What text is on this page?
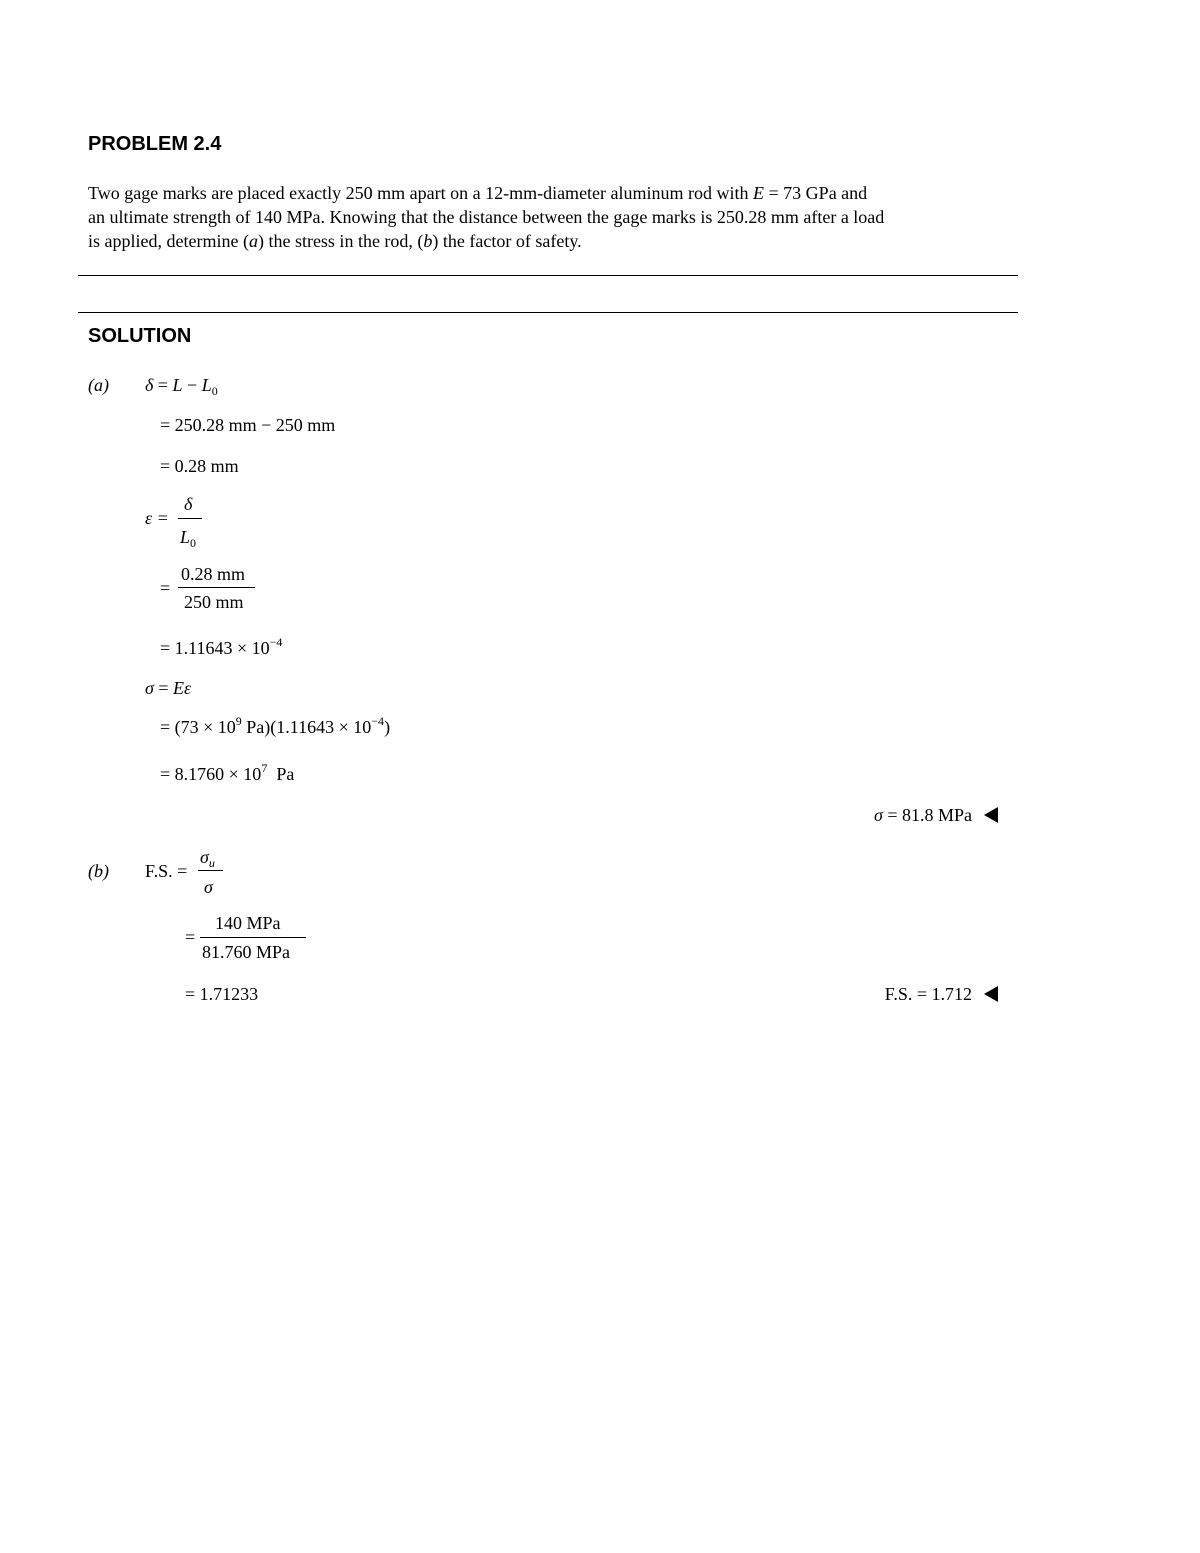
PROBLEM 2.4
Two gage marks are placed exactly 250 mm apart on a 12-mm-diameter aluminum rod with E = 73 GPa and
an ultimate strength of 140 MPa. Knowing that the distance between the gage marks is 250.28 mm after a load
is applied, determine (a) the stress in the rod, (b) the factor of safety.
SOLUTION
(a) $\delta = L - L_0$
= 250.28 mm − 250 mm
= 0.28 mm
ε =
δ
$L_0$
=
0.28 mm
250 mm
= $1.11643 \times 10^{-4}$
σ = Eε
= ($73 \times 10^9$ $Pa)(1.11643 \times 10^{-4})$
= $8.1760 \times 10^7$  Pa
σ = 81.8 MPa
(b) F.S. =
$\sigma_u$
σ
=
140 MPa
81.760 MPa
= 1.71233	F.S. = 1.712
